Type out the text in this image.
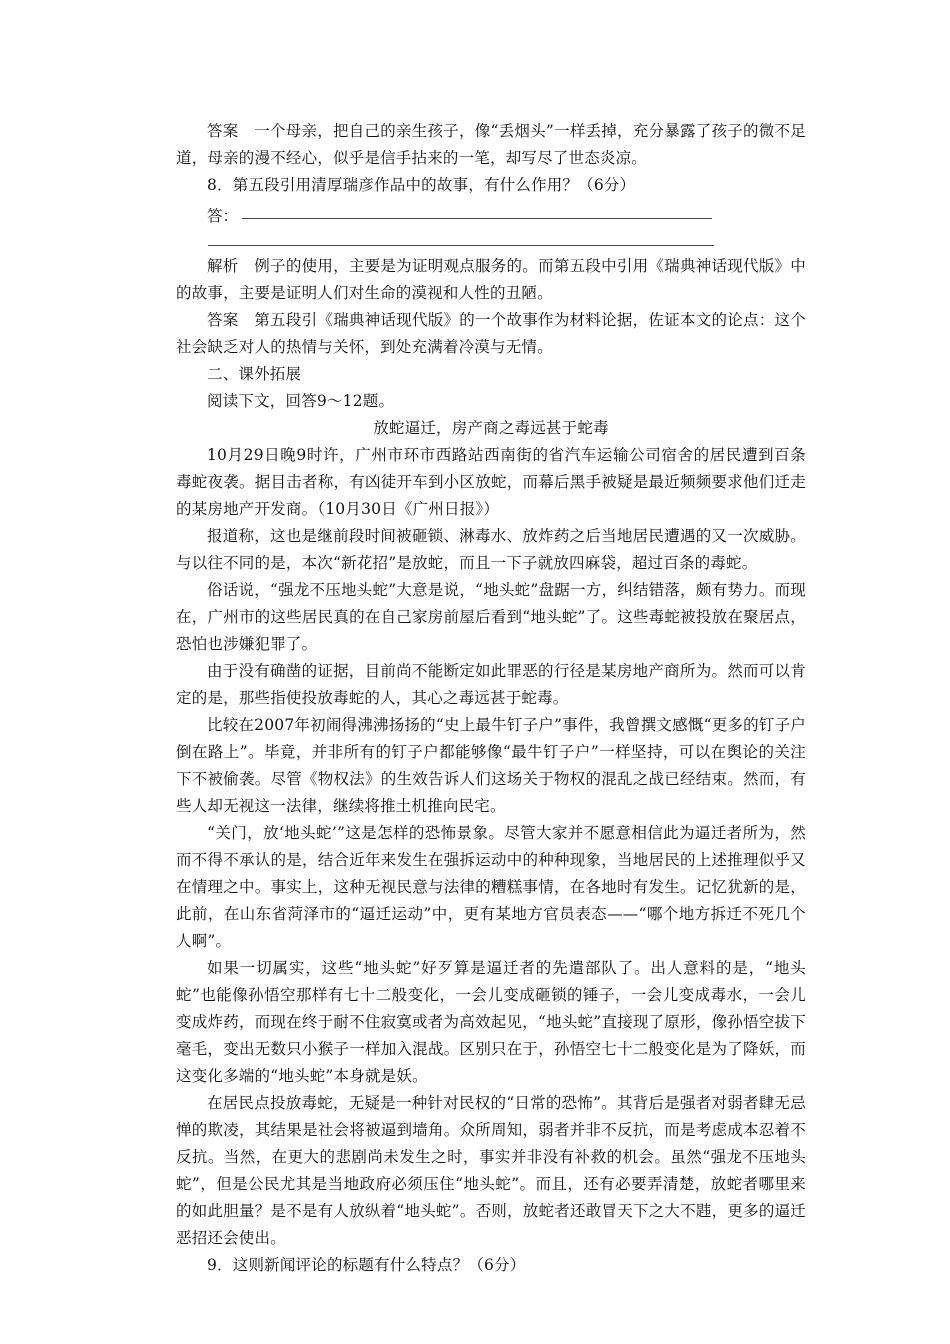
答案　一个母亲，把自己的亲生孩子，像“丢烟头”一样丢掉，充分暴露了孩子的微不足道，母亲的漫不经心，似乎是信手拈来的一笔，却写尽了世态炎凉。

8．第五段引用清厚瑞彦作品中的故事，有什么作用？（6分）

答：

解析　例子的使用，主要是为证明观点服务的。而第五段中引用《瑞典神话现代版》中的故事，主要是证明人们对生命的漠视和人性的丑陋。

答案　第五段引《瑞典神话现代版》的一个故事作为材料论据，佐证本文的论点：这个社会缺乏对人的热情与关怀，到处充满着冷漠与无情。

二、课外拓展

阅读下文，回答9～12题。

放蛇逼迁，房产商之毒远甚于蛇毒

10月29日晚9时许，广州市环市西路站西南街的省汽车运输公司宿舍的居民遭到百条毒蛇夜袭。据目击者称，有凶徒开车到小区放蛇，而幕后黑手被疑是最近频频要求他们迁走的某房地产开发商。（10月30日《广州日报》）

报道称，这也是继前段时间被砸锁、淋毒水、放炸药之后当地居民遭遇的又一次威胁。与以往不同的是，本次“新花招”是放蛇，而且一下子就放四麻袋，超过百条的毒蛇。

俗话说，“强龙不压地头蛇”大意是说，“地头蛇”盘踞一方，纠结错落，颇有势力。而现在，广州市的这些居民真的在自己家房前屋后看到“地头蛇”了。这些毒蛇被投放在聚居点，恐怕也涉嫌犯罪了。

由于没有确凿的证据，目前尚不能断定如此罪恶的行径是某房地产商所为。然而可以肯定的是，那些指使投放毒蛇的人，其心之毒远甚于蛇毒。

比较在2007年初闹得沸沸扬扬的“史上最牛钉子户”事件，我曾撰文感慨“更多的钉子户倒在路上”。毕竟，并非所有的钉子户都能够像“最牛钉子户”一样坚持，可以在舆论的关注下不被偷袭。尽管《物权法》的生效告诉人们这场关于物权的混乱之战已经结束。然而，有些人却无视这一法律，继续将推土机推向民宅。

“关门，放‘地头蛇’”这是怎样的恐怖景象。尽管大家并不愿意相信此为逼迁者所为，然而不得不承认的是，结合近年来发生在强拆运动中的种种现象，当地居民的上述推理似乎又在情理之中。事实上，这种无视民意与法律的糟糕事情，在各地时有发生。记忆犹新的是，此前，在山东省菏泽市的“逼迁运动”中，更有某地方官员表态——“哪个地方拆迁不死几个人啊”。

如果一切属实，这些“地头蛇”好歹算是逼迁者的先遣部队了。出人意料的是，“地头蛇”也能像孙悟空那样有七十二般变化，一会儿变成砸锁的锤子，一会儿变成毒水，一会儿变成炸药，而现在终于耐不住寂寞或者为高效起见，“地头蛇”直接现了原形，像孙悟空拔下毫毛，变出无数只小猴子一样加入混战。区别只在于，孙悟空七十二般变化是为了降妖，而这变化多端的“地头蛇”本身就是妖。

在居民点投放毒蛇，无疑是一种针对民权的“日常的恐怖”。其背后是强者对弱者肆无忌惮的欺凌，其结果是社会将被逼到墙角。众所周知，弱者并非不反抗，而是考虑成本忍着不反抗。当然，在更大的悲剧尚未发生之时，事实并非没有补救的机会。虽然“强龙不压地头蛇”，但是公民尤其是当地政府必须压住“地头蛇”。而且，还有必要弄清楚，放蛇者哪里来的如此胆量？是不是有人放纵着“地头蛇”。否则，放蛇者还敢冒天下之大不韪，更多的逼迁恶招还会使出。

9．这则新闻评论的标题有什么特点？（6分）
